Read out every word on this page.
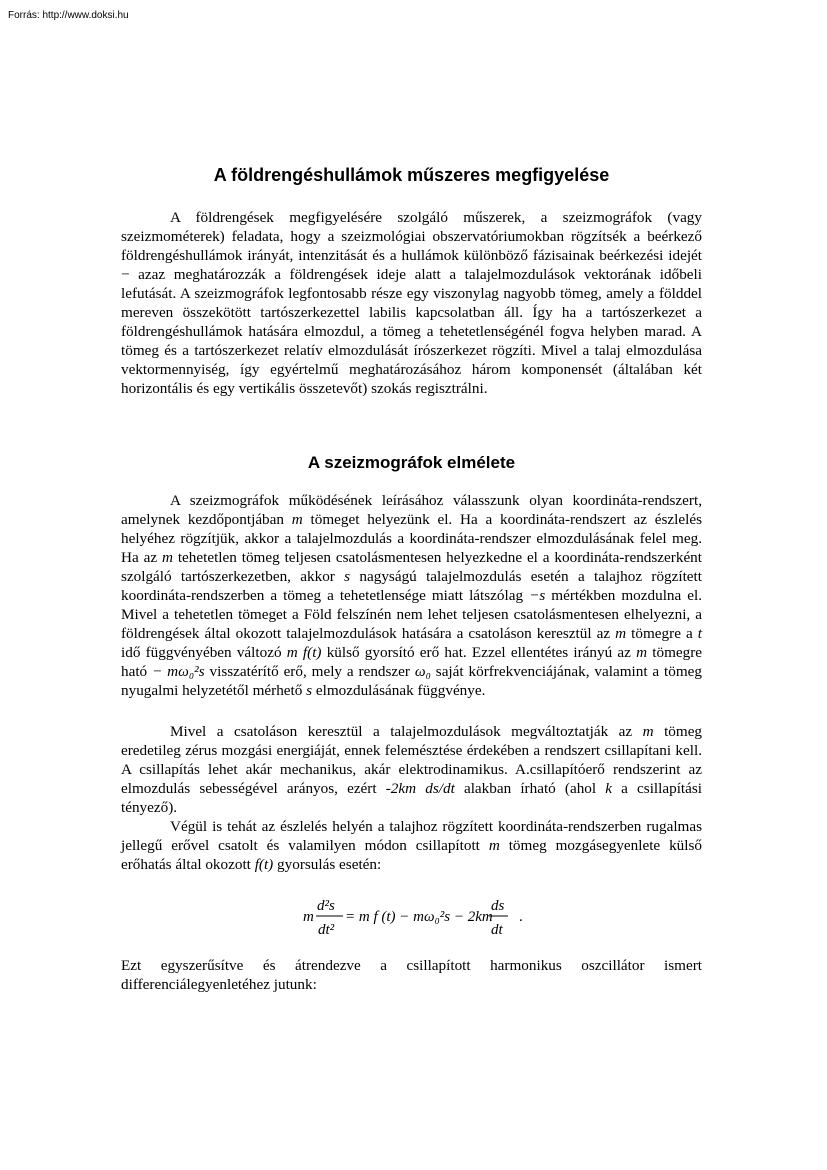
Forrás: http://www.doksi.hu
A földrengéshullámok műszeres megfigyelése

A földrengések megfigyelésére szolgáló műszerek, a szeizmográfok (vagy szeizmométerek) feladata, hogy a szeizmológiai obszervatóriumokban rögzítsék a beérkező földrengéshullámok irányát, intenzitását és a hullámok különböző fázisainak beérkezési idejét − azaz meghatározzák a földrengések ideje alatt a talajelmozdulások vektorának időbeli lefutását. A szeizmográfok legfontosabb része egy viszonylag nagyobb tömeg, amely a földdel mereven összekötött tartószerkezettel labilis kapcsolatban áll. Így ha a tartószerkezet a földrengéshullámok hatására elmozdul, a tömeg a tehetetlenségénél fogva helyben marad. A tömeg és a tartószerkezet relatív elmozdulását írószerkezet rögzíti. Mivel a talaj elmozdulása vektormennyiség, így egyértelmű meghatározásához három komponensét (általában két horizontális és egy vertikális összetevőt) szokás regisztrálni.

A szeizmográfok elmélete

A szeizmográfok működésének leírásához válasszunk olyan koordináta-rendszert, amelynek kezdőpontjában m tömeget helyezünk el. Ha a koordináta-rendszert az észlelés helyéhez rögzítjük, akkor a talajelmozdulás a koordináta-rendszer elmozdulásának felel meg. Ha az m tehetetlen tömeg teljesen csatolásmentesen helyezkedne el a koordináta-rendszerként szolgáló tartószerkezetben, akkor s nagyságú talajelmozdulás esetén a talajhoz rögzített koordináta-rendszerben a tömeg a tehetetlensége miatt látszólag −s mértékben mozdulna el. Mivel a tehetetlen tömeget a Föld felszínén nem lehet teljesen csatolásmentesen elhelyezni, a földrengések által okozott talajelmozdulások hatására a csatoláson keresztül az m tömegre a t idő függvényében változó m f(t) külső gyorsító erő hat. Ezzel ellentétes irányú az m tömegre ható − mω₀²s visszatérítő erő, mely a rendszer ω₀ saját körfrekvenciájának, valamint a tömeg nyugalmi helyzetétől mérhető s elmozdulásának függvénye.

Mivel a csatoláson keresztül a talajelmozdulások megváltoztatják az m tömeg eredetileg zérus mozgási energiáját, ennek felemésztése érdekében a rendszert csillapítani kell. A csillapítás lehet akár mechanikus, akár elektrodinamikus. A.csillapítóerő rendszerint az elmozdulás sebességével arányos, ezért -2km ds/dt alakban írható (ahol k a csillapítási tényező).

Végül is tehát az észlelés helyén a talajhoz rögzített koordináta-rendszerben rugalmas jellegű erővel csatolt és valamilyen módon csillapított m tömeg mozgásegyenlete külső erőhatás által okozott f(t) gyorsulás esetén:

m
d²s
dt²
= m f (t) − mω₀²s − 2km
ds
dt
.

Ezt egyszerűsítve és átrendezve a csillapított harmonikus oszcillátor ismert differenciálegyenletéhez jutunk:
